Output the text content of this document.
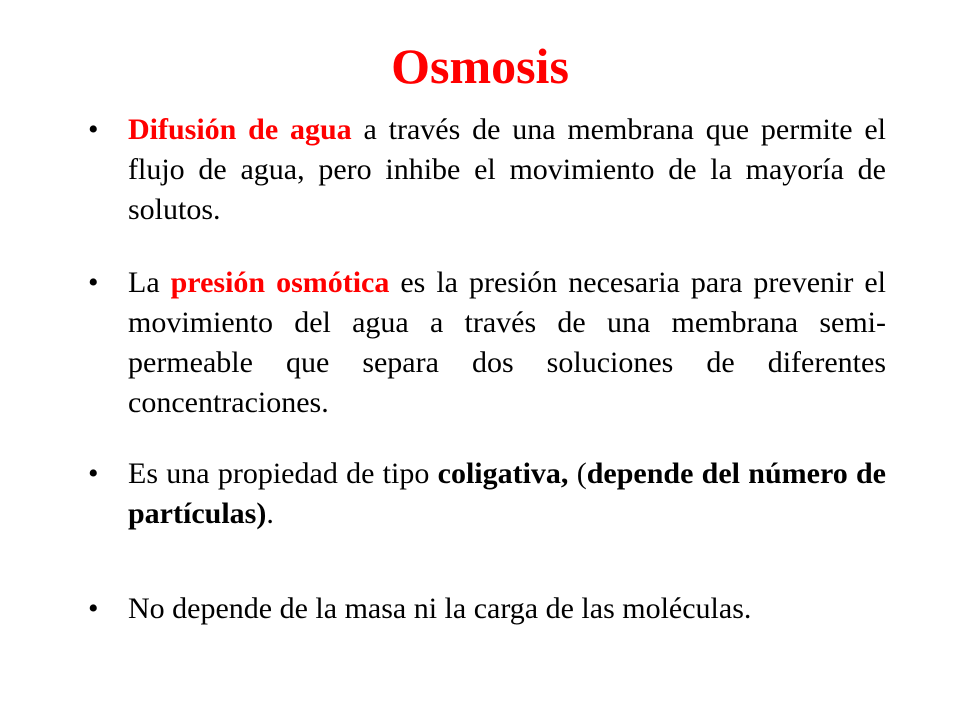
Osmosis
• Difusión de agua a través de una membrana que permite el flujo de agua, pero inhibe el movimiento de la mayoría de solutos.
• La presión osmótica es la presión necesaria para prevenir el movimiento del agua a través de una membrana semi-permeable que separa dos soluciones de diferentes concentraciones.
• Es una propiedad de tipo coligativa, (depende del número de partículas).
• No depende de la masa ni la carga de las moléculas.
